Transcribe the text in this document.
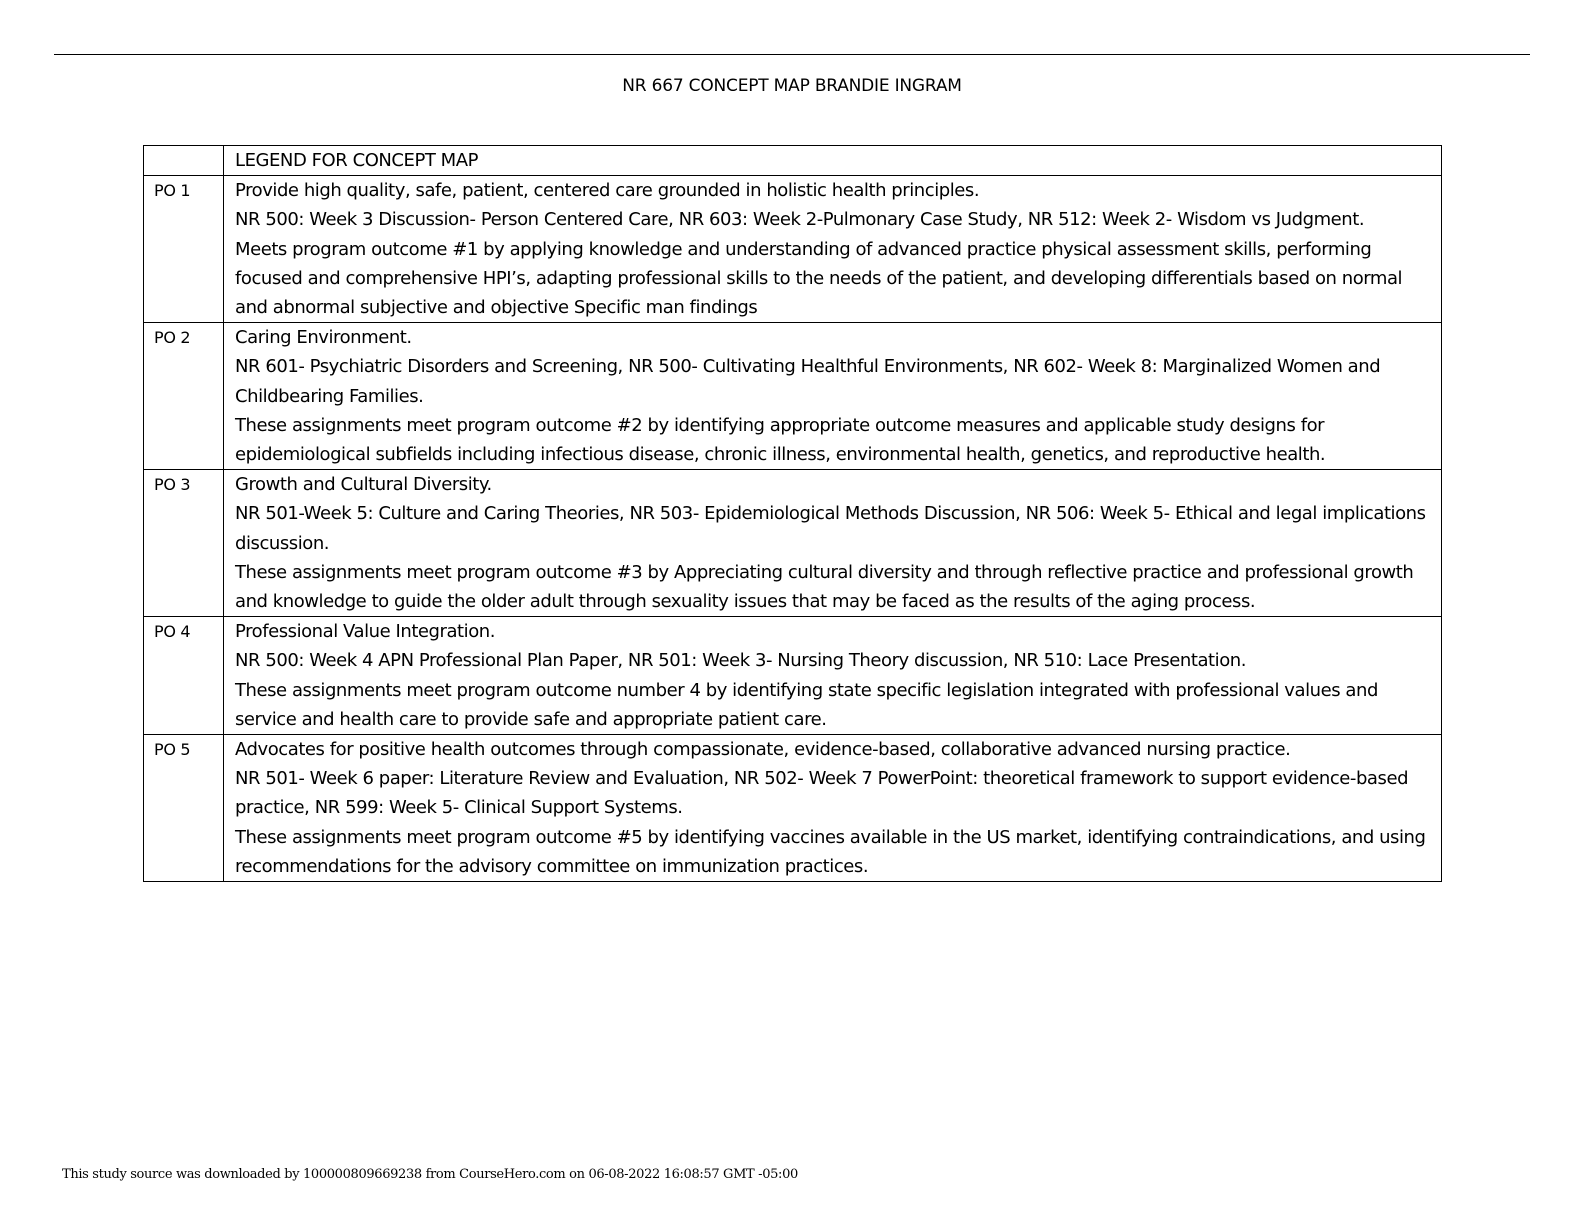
NR 667 CONCEPT MAP BRANDIE INGRAM

	LEGEND FOR CONCEPT MAP

PO 1	Provide high quality, safe, patient, centered care grounded in holistic health principles.
NR 500: Week 3 Discussion- Person Centered Care, NR 603: Week 2-Pulmonary Case Study, NR 512: Week 2- Wisdom vs Judgment.
Meets program outcome #1 by applying knowledge and understanding of advanced practice physical assessment skills, performing focused and comprehensive HPI’s, adapting professional skills to the needs of the patient, and developing differentials based on normal and abnormal subjective and objective Specific man findings

PO 2	Caring Environment.
NR 601- Psychiatric Disorders and Screening, NR 500- Cultivating Healthful Environments, NR 602- Week 8: Marginalized Women and Childbearing Families.
These assignments meet program outcome #2 by identifying appropriate outcome measures and applicable study designs for epidemiological subfields including infectious disease, chronic illness, environmental health, genetics, and reproductive health.

PO 3	Growth and Cultural Diversity.
NR 501-Week 5: Culture and Caring Theories, NR 503- Epidemiological Methods Discussion, NR 506: Week 5- Ethical and legal implications discussion.
These assignments meet program outcome #3 by Appreciating cultural diversity and through reflective practice and professional growth and knowledge to guide the older adult through sexuality issues that may be faced as the results of the aging process.

PO 4	Professional Value Integration.
NR 500: Week 4 APN Professional Plan Paper, NR 501: Week 3- Nursing Theory discussion, NR 510: Lace Presentation.
These assignments meet program outcome number 4 by identifying state specific legislation integrated with professional values and service and health care to provide safe and appropriate patient care.

PO 5	Advocates for positive health outcomes through compassionate, evidence-based, collaborative advanced nursing practice.
NR 501- Week 6 paper: Literature Review and Evaluation, NR 502- Week 7 PowerPoint: theoretical framework to support evidence-based practice, NR 599: Week 5- Clinical Support Systems.
These assignments meet program outcome #5 by identifying vaccines available in the US market, identifying contraindications, and using recommendations for the advisory committee on immunization practices.
This study source was downloaded by 100000809669238 from CourseHero.com on 06-08-2022 16:08:57 GMT -05:00
